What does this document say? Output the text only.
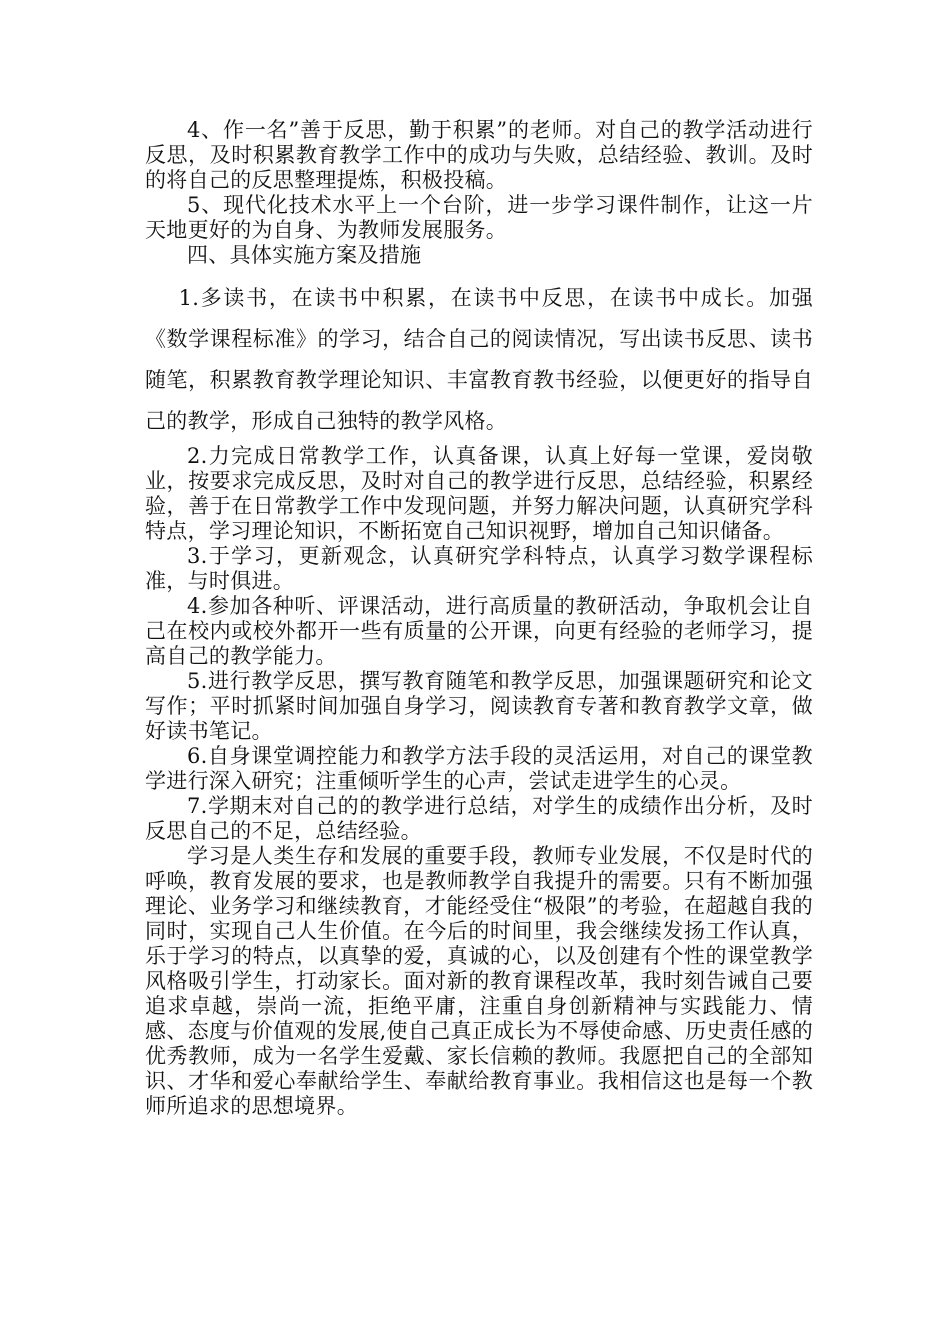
4、作一名”善于反思，勤于积累”的老师。对自己的教学活动进行反思，及时积累教育教学工作中的成功与失败，总结经验、教训。及时的将自己的反思整理提炼，积极投稿。

5、现代化技术水平上一个台阶，进一步学习课件制作，让这一片天地更好的为自身、为教师发展服务。

四、具体实施方案及措施

1.多读书，在读书中积累，在读书中反思，在读书中成长。加强《数学课程标准》的学习，结合自己的阅读情况，写出读书反思、读书随笔，积累教育教学理论知识、丰富教育教书经验，以便更好的指导自己的教学，形成自己独特的教学风格。

2.力完成日常教学工作，认真备课，认真上好每一堂课，爱岗敬业，按要求完成反思，及时对自己的教学进行反思，总结经验，积累经验，善于在日常教学工作中发现问题，并努力解决问题，认真研究学科特点，学习理论知识，不断拓宽自己知识视野，增加自己知识储备。

3.于学习，更新观念，认真研究学科特点，认真学习数学课程标准，与时俱进。

4.参加各种听、评课活动，进行高质量的教研活动，争取机会让自己在校内或校外都开一些有质量的公开课，向更有经验的老师学习，提高自己的教学能力。

5.进行教学反思，撰写教育随笔和教学反思，加强课题研究和论文写作；平时抓紧时间加强自身学习，阅读教育专著和教育教学文章，做好读书笔记。

6.自身课堂调控能力和教学方法手段的灵活运用，对自己的课堂教学进行深入研究；注重倾听学生的心声，尝试走进学生的心灵。

7.学期末对自己的的教学进行总结，对学生的成绩作出分析，及时反思自己的不足，总结经验。

学习是人类生存和发展的重要手段，教师专业发展，不仅是时代的呼唤，教育发展的要求，也是教师教学自我提升的需要。只有不断加强理论、业务学习和继续教育，才能经受住“极限”的考验，在超越自我的同时，实现自己人生价值。在今后的时间里，我会继续发扬工作认真，乐于学习的特点，以真挚的爱，真诚的心，以及创建有个性的课堂教学风格吸引学生，打动家长。面对新的教育课程改革，我时刻告诫自己要追求卓越，崇尚一流，拒绝平庸，注重自身创新精神与实践能力、情感、态度与价值观的发展,使自己真正成长为不辱使命感、历史责任感的优秀教师，成为一名学生爱戴、家长信赖的教师。我愿把自己的全部知识、才华和爱心奉献给学生、奉献给教育事业。我相信这也是每一个教师所追求的思想境界。
